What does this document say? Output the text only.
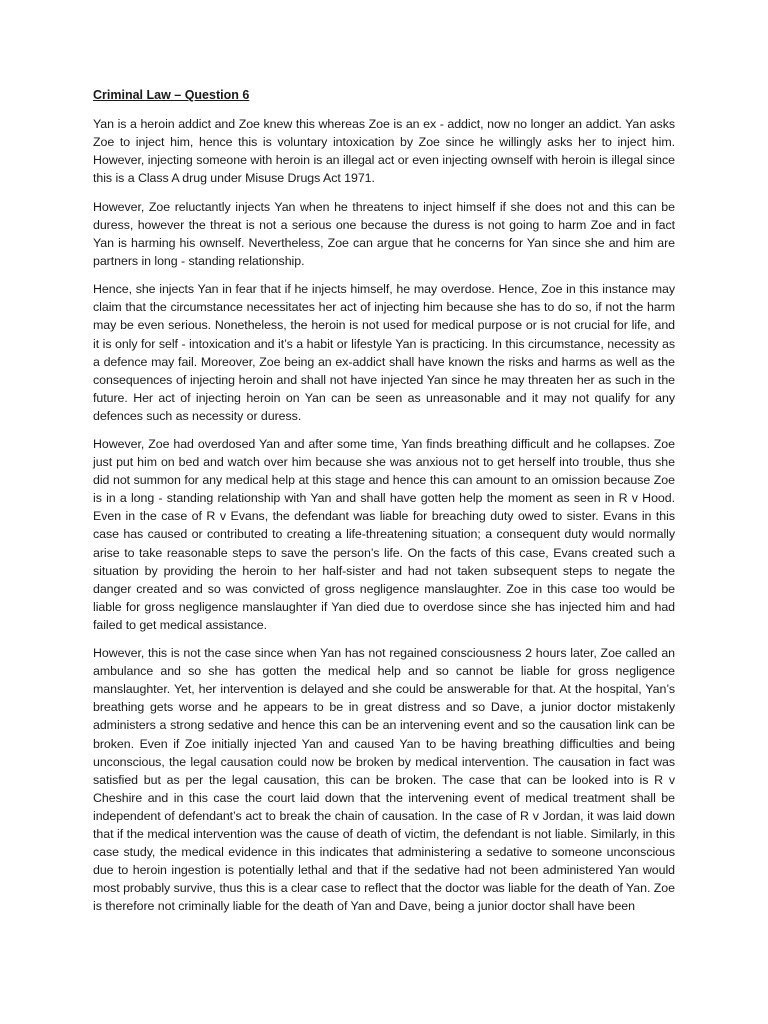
Criminal Law – Question 6

Yan is a heroin addict and Zoe knew this whereas Zoe is an ex - addict, now no longer an addict. Yan asks Zoe to inject him, hence this is voluntary intoxication by Zoe since he willingly asks her to inject him. However, injecting someone with heroin is an illegal act or even injecting ownself with heroin is illegal since this is a Class A drug under Misuse Drugs Act 1971.

However, Zoe reluctantly injects Yan when he threatens to inject himself if she does not and this can be duress, however the threat is not a serious one because the duress is not going to harm Zoe and in fact Yan is harming his ownself. Nevertheless, Zoe can argue that he concerns for Yan since she and him are partners in long - standing relationship.

Hence, she injects Yan in fear that if he injects himself, he may overdose. Hence, Zoe in this instance may claim that the circumstance necessitates her act of injecting him because she has to do so, if not the harm may be even serious. Nonetheless, the heroin is not used for medical purpose or is not crucial for life, and it is only for self - intoxication and it’s a habit or lifestyle Yan is practicing. In this circumstance, necessity as a defence may fail. Moreover, Zoe being an ex-addict shall have known the risks and harms as well as the consequences of injecting heroin and shall not have injected Yan since he may threaten her as such in the future. Her act of injecting heroin on Yan can be seen as unreasonable and it may not qualify for any defences such as necessity or duress.

However, Zoe had overdosed Yan and after some time, Yan finds breathing difficult and he collapses. Zoe just put him on bed and watch over him because she was anxious not to get herself into trouble, thus she did not summon for any medical help at this stage and hence this can amount to an omission because Zoe is in a long - standing relationship with Yan and shall have gotten help the moment as seen in R v Hood. Even in the case of R v Evans, the defendant was liable for breaching duty owed to sister. Evans in this case has caused or contributed to creating a life-threatening situation; a consequent duty would normally arise to take reasonable steps to save the person’s life. On the facts of this case, Evans created such a situation by providing the heroin to her half-sister and had not taken subsequent steps to negate the danger created and so was convicted of gross negligence manslaughter. Zoe in this case too would be liable for gross negligence manslaughter if Yan died due to overdose since she has injected him and had failed to get medical assistance.

However, this is not the case since when Yan has not regained consciousness 2 hours later, Zoe called an ambulance and so she has gotten the medical help and so cannot be liable for gross negligence manslaughter. Yet, her intervention is delayed and she could be answerable for that. At the hospital, Yan’s breathing gets worse and he appears to be in great distress and so Dave, a junior doctor mistakenly administers a strong sedative and hence this can be an intervening event and so the causation link can be broken. Even if Zoe initially injected Yan and caused Yan to be having breathing difficulties and being unconscious, the legal causation could now be broken by medical intervention. The causation in fact was satisfied but as per the legal causation, this can be broken. The case that can be looked into is R v Cheshire and in this case the court laid down that the intervening event of medical treatment shall be independent of defendant’s act to break the chain of causation. In the case of R v Jordan, it was laid down that if the medical intervention was the cause of death of victim, the defendant is not liable. Similarly, in this case study, the medical evidence in this indicates that administering a sedative to someone unconscious due to heroin ingestion is potentially lethal and that if the sedative had not been administered Yan would most probably survive, thus this is a clear case to reflect that the doctor was liable for the death of Yan. Zoe is therefore not criminally liable for the death of Yan and Dave, being a junior doctor shall have been
